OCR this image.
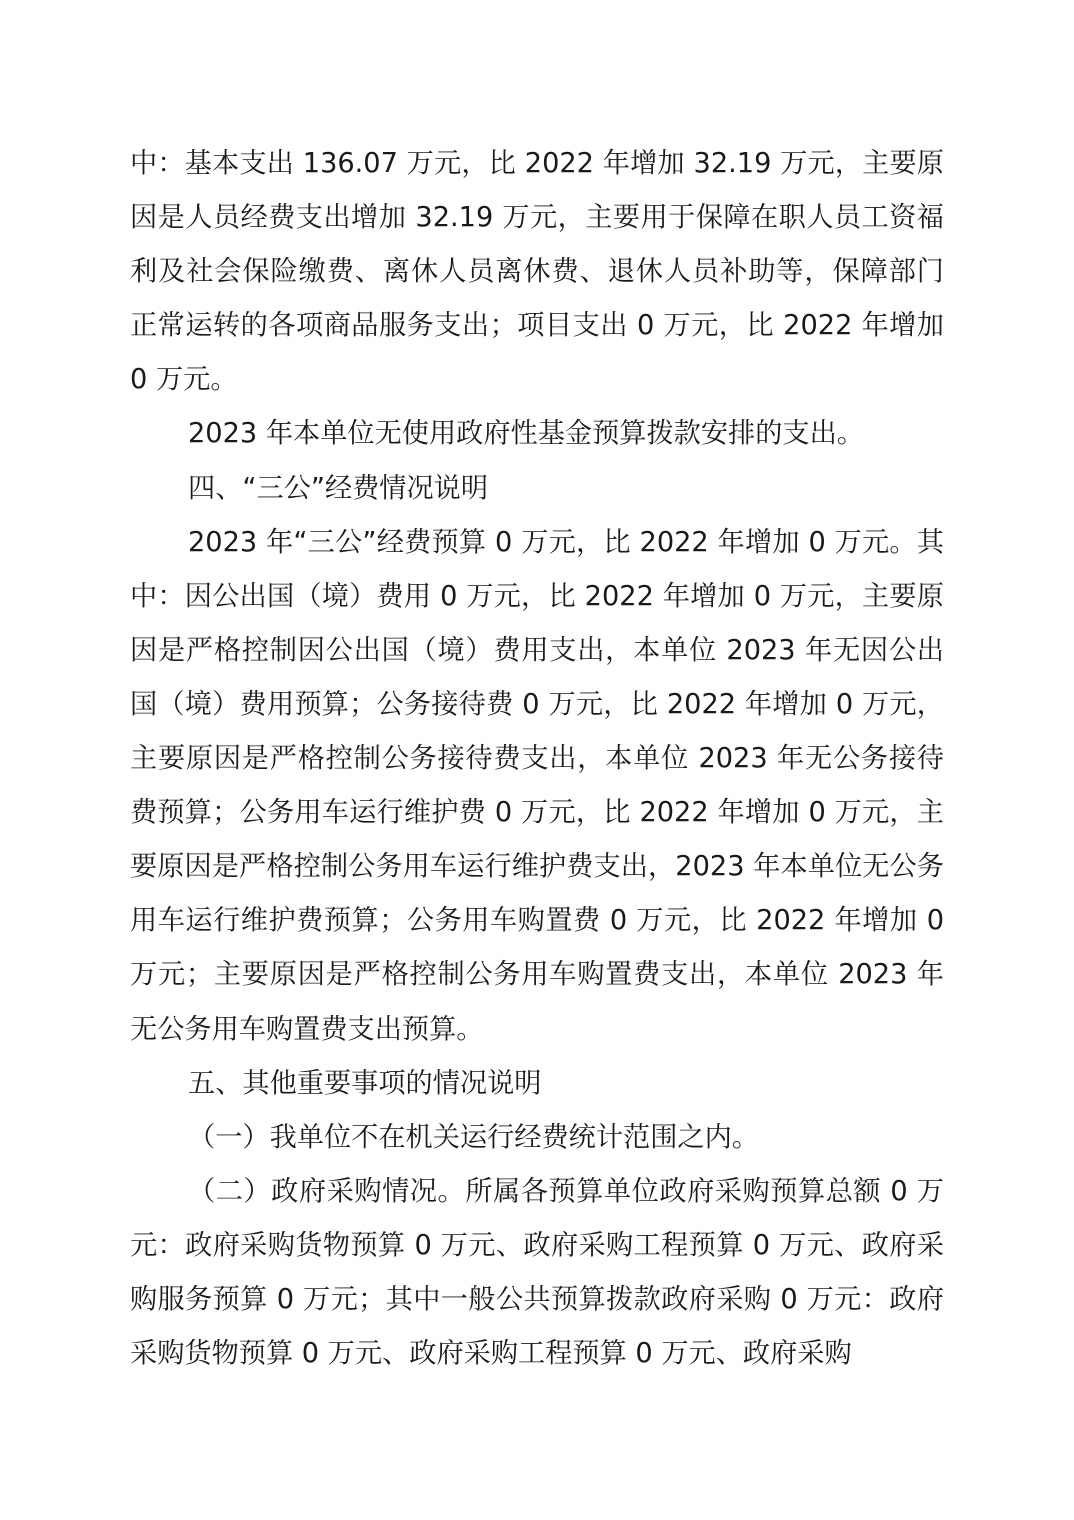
中：基本支出 136.07 万元，比 2022 年增加 32.19 万元，主要原因是人员经费支出增加 32.19 万元，主要用于保障在职人员工资福利及社会保险缴费、离休人员离休费、退休人员补助等，保障部门正常运转的各项商品服务支出；项目支出 0 万元，比 2022 年增加 0 万元。

2023 年本单位无使用政府性基金预算拨款安排的支出。

四、“三公”经费情况说明

2023 年“三公”经费预算 0 万元，比 2022 年增加 0 万元。其中：因公出国（境）费用 0 万元，比 2022 年增加 0 万元，主要原因是严格控制因公出国（境）费用支出，本单位 2023 年无因公出国（境）费用预算；公务接待费 0 万元，比 2022 年增加 0 万元，主要原因是严格控制公务接待费支出，本单位 2023 年无公务接待费预算；公务用车运行维护费 0 万元，比 2022 年增加 0 万元，主要原因是严格控制公务用车运行维护费支出，2023 年本单位无公务用车运行维护费预算；公务用车购置费 0 万元，比 2022 年增加 0 万元；主要原因是严格控制公务用车购置费支出，本单位 2023 年无公务用车购置费支出预算。

五、其他重要事项的情况说明

（一）我单位不在机关运行经费统计范围之内。

（二）政府采购情况。所属各预算单位政府采购预算总额 0 万元：政府采购货物预算 0 万元、政府采购工程预算 0 万元、政府采购服务预算 0 万元；其中一般公共预算拨款政府采购 0 万元：政府采购货物预算 0 万元、政府采购工程预算 0 万元、政府采购
